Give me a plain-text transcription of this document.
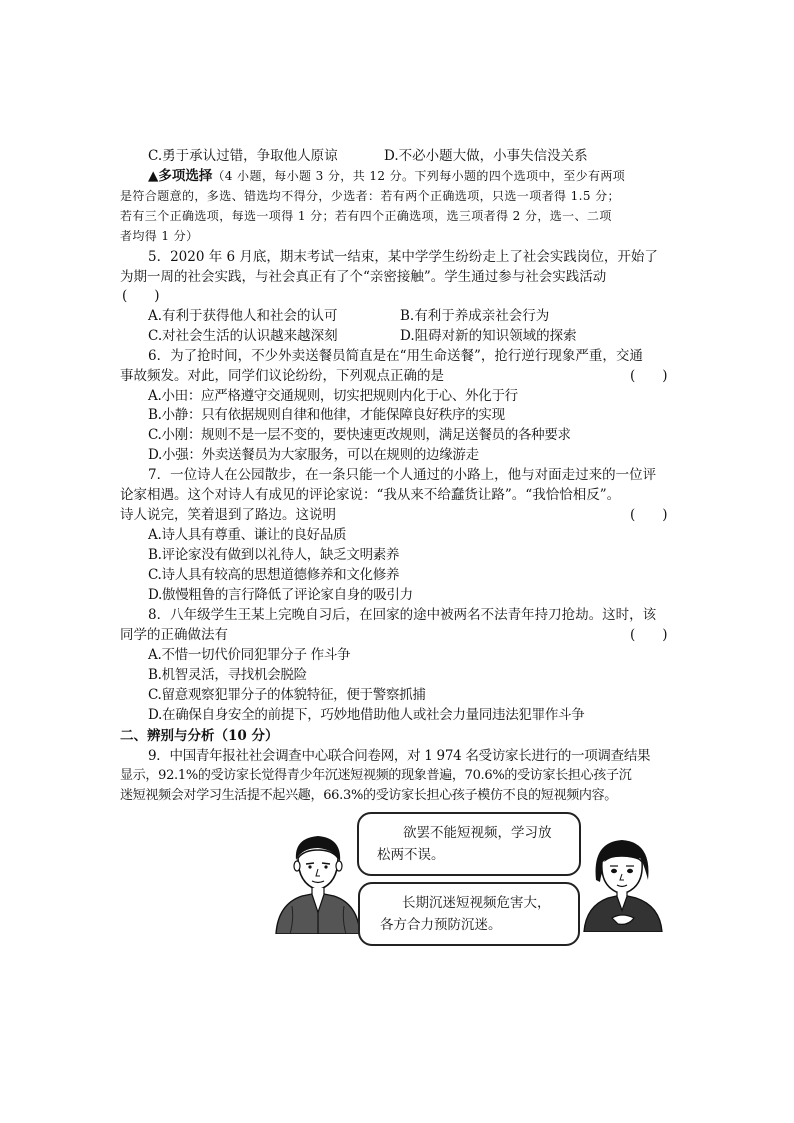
C.勇于承认过错，争取他人原谅	D.不必小题大做，小事失信没关系
▲多项选择（4 小题，每小题 3 分，共 12 分。下列每小题的四个选项中，至少有两项
是符合题意的，多选、错选均不得分，少选者：若有两个正确选项，只选一项者得 1.5 分；
若有三个正确选项，每选一项得 1 分；若有四个正确选项，选三项者得 2 分，选一、二项
者均得 1 分）
5．2020 年 6 月底，期末考试一结束，某中学学生纷纷走上了社会实践岗位，开始了
为期一周的社会实践，与社会真正有了个“亲密接触”。学生通过参与社会实践活动
(　　)
A.有利于获得他人和社会的认可	B.有利于养成亲社会行为
C.对社会生活的认识越来越深刻	D.阻碍对新的知识领域的探索
6．为了抢时间，不少外卖送餐员简直是在“用生命送餐”，抢行逆行现象严重，交通
事故频发。对此，同学们议论纷纷，下列观点正确的是	(　　)
A.小田：应严格遵守交通规则，切实把规则内化于心、外化于行
B.小静：只有依据规则自律和他律，才能保障良好秩序的实现
C.小刚：规则不是一层不变的，要快速更改规则，满足送餐员的各种要求
D.小强：外卖送餐员为大家服务，可以在规则的边缘游走
7．一位诗人在公园散步，在一条只能一个人通过的小路上，他与对面走过来的一位评
论家相遇。这个对诗人有成见的评论家说：“我从来不给蠢货让路”。“我恰恰相反”。
诗人说完，笑着退到了路边。这说明	(　　)
A.诗人具有尊重、谦让的良好品质
B.评论家没有做到以礼待人，缺乏文明素养
C.诗人具有较高的思想道德修养和文化修养
D.傲慢粗鲁的言行降低了评论家自身的吸引力
8．八年级学生王某上完晚自习后，在回家的途中被两名不法青年持刀抢劫。这时，该
同学的正确做法有	(　　)
A.不惜一切代价同犯罪分子 作斗争
B.机智灵活，寻找机会脱险
C.留意观察犯罪分子的体貌特征，便于警察抓捕
D.在确保自身安全的前提下，巧妙地借助他人或社会力量同违法犯罪作斗争
二、辨别与分析（10 分）
9．中国青年报社社会调查中心联合问卷网，对 1 974 名受访家长进行的一项调查结果
显示，92.1%的受访家长觉得青少年沉迷短视频的现象普遍，70.6%的受访家长担心孩子沉
迷短视频会对学习生活提不起兴趣，66.3%的受访家长担心孩子模仿不良的短视频内容。
欲罢不能短视频，学习放
松两不误。
长期沉迷短视频危害大，
各方合力预防沉迷。
